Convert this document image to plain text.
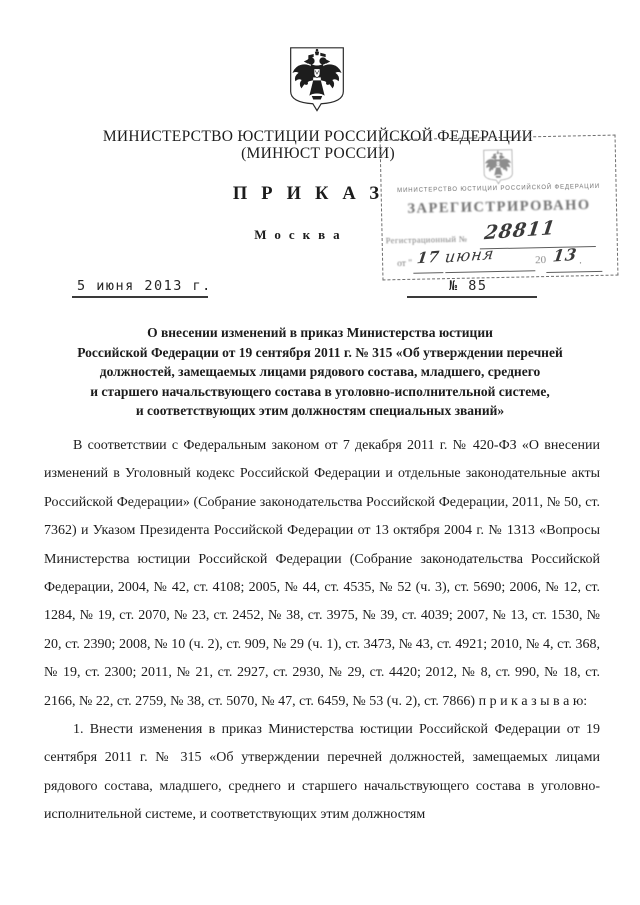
МИНИСТЕРСТВО ЮСТИЦИИ РОССИЙСКОЙ ФЕДЕРАЦИИ
(МИНЮСТ РОССИИ)
ПРИКАЗ
Москва
5 июня 2013 г.	№ 85
О внесении изменений в приказ Министерства юстиции
Российской Федерации от 19 сентября 2011 г. № 315 «Об утверждении перечней
должностей, замещаемых лицами рядового состава, младшего, среднего
и старшего начальствующего состава в уголовно-исполнительной системе,
и соответствующих этим должностям специальных званий»

В соответствии с Федеральным законом от 7 декабря 2011 г. № 420-ФЗ «О внесении изменений в Уголовный кодекс Российской Федерации и отдельные законодательные акты Российской Федерации» (Собрание законодательства Российской Федерации, 2011, № 50, ст. 7362) и Указом Президента Российской Федерации от 13 октября 2004 г. № 1313 «Вопросы Министерства юстиции Российской Федерации (Собрание законодательства Российской Федерации, 2004, № 42, ст. 4108; 2005, № 44, ст. 4535, № 52 (ч. 3), ст. 5690; 2006, № 12, ст. 1284, № 19, ст. 2070, № 23, ст. 2452, № 38, ст. 3975, № 39, ст. 4039; 2007, № 13, ст. 1530, № 20, ст. 2390; 2008, № 10 (ч. 2), ст. 909, № 29 (ч. 1), ст. 3473, № 43, ст. 4921; 2010, № 4, ст. 368, № 19, ст. 2300; 2011, № 21, ст. 2927, ст. 2930, № 29, ст. 4420; 2012, № 8, ст. 990, № 18, ст. 2166, № 22, ст. 2759, № 38, ст. 5070, № 47, ст. 6459, № 53 (ч. 2), ст. 7866) п р и к а з ы в а ю:

1. Внести изменения в приказ Министерства юстиции Российской Федерации от 19 сентября 2011 г. № 315 «Об утверждении перечней должностей, замещаемых лицами рядового состава, младшего, среднего и старшего начальствующего состава в уголовно-исполнительной системе, и соответствующих этим должностям

МИНИСТЕРСТВО ЮСТИЦИИ РОССИЙСКОЙ ФЕДЕРАЦИИ
ЗАРЕГИСТРИРОВАНО
Регистрационный № 28811
от " 17 июня	20 13 .
